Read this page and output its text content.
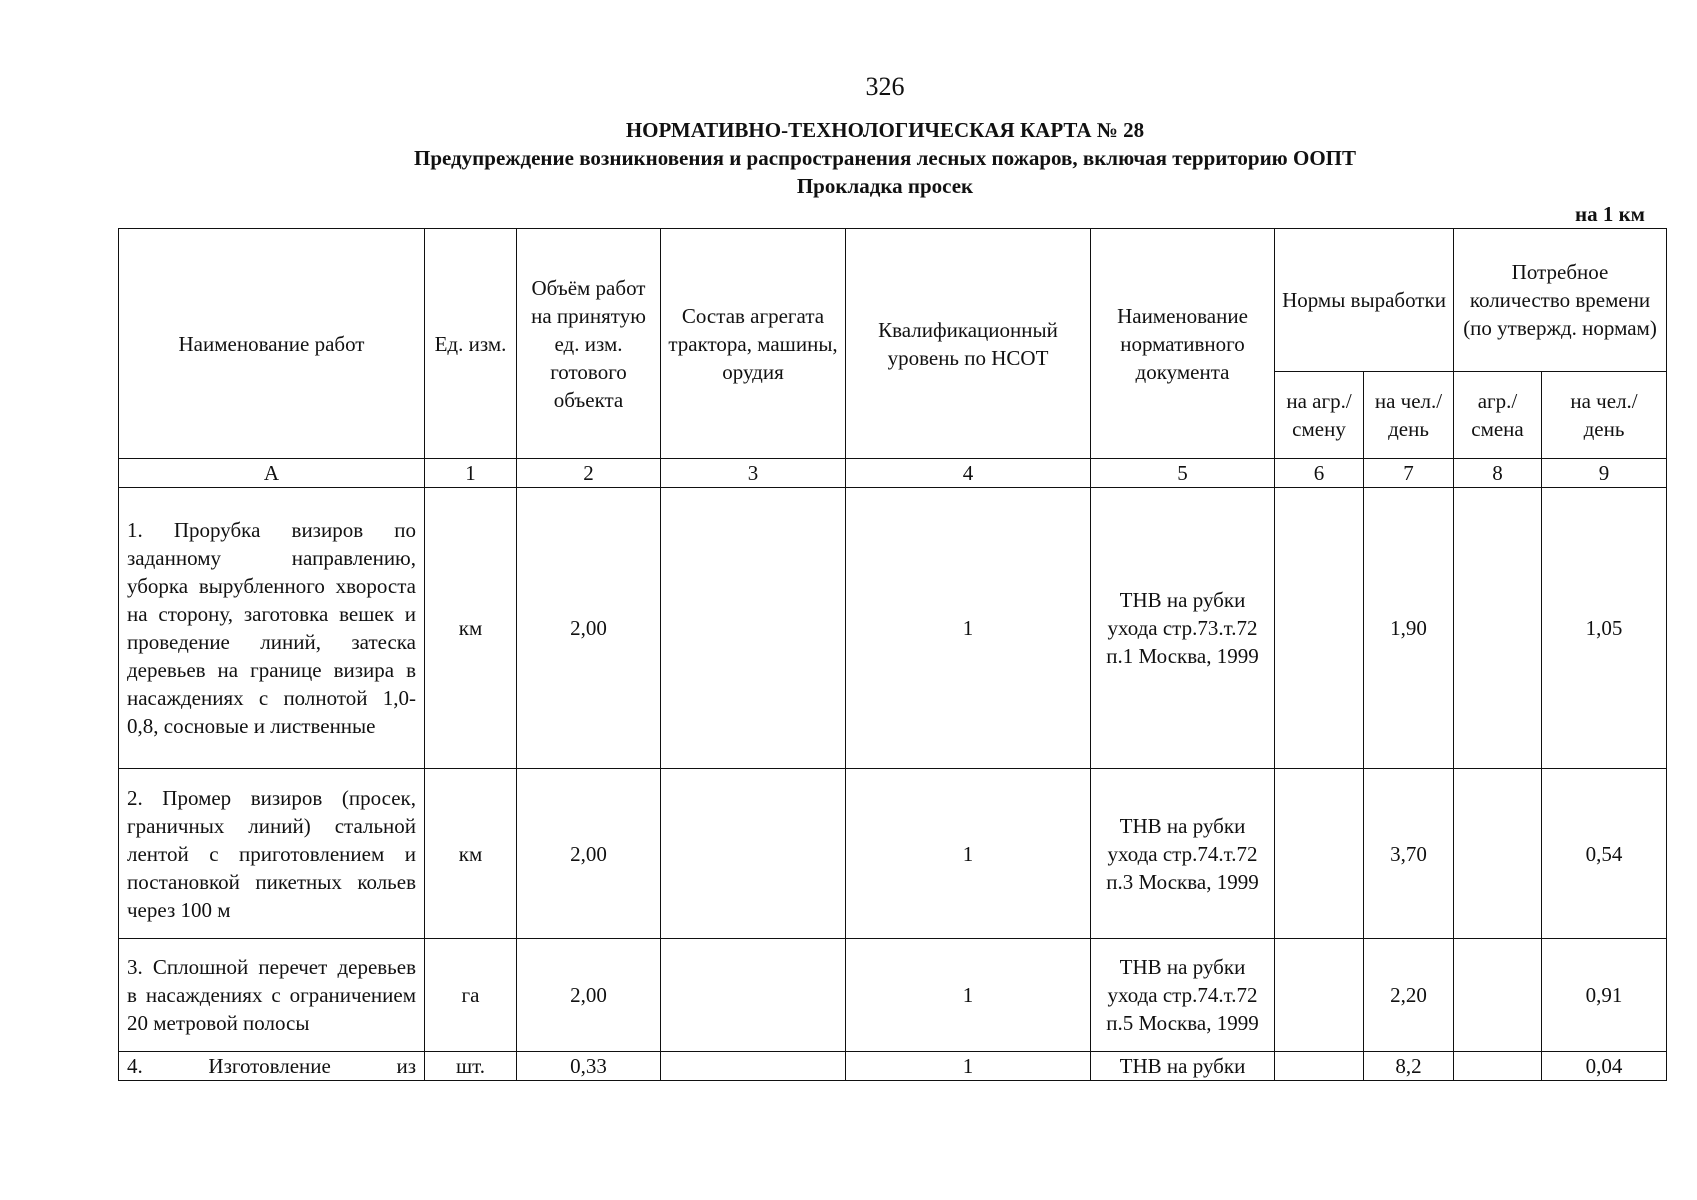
326
НОРМАТИВНО-ТЕХНОЛОГИЧЕСКАЯ КАРТА № 28
Предупреждение возникновения и распространения лесных пожаров, включая территорию ООПТ
Прокладка просек
на 1 км
Наименование работ	Ед. изм.	Объём работ на принятую ед. изм. готового объекта	Состав агрегата трактора, машины, орудия	Квалификационный уровень по НСОТ	Наименование нормативного документа	Нормы выработки		Потребное количество времени (по утвержд. нормам)	
						на агр./ смену	на чел./ день	агр./ смена	на чел./ день
А	1	2	3	4	5	6	7	8	9
1. Прорубка визиров по заданному направлению, уборка вырубленного хвороста на сторону, заготовка вешек и проведение линий, затеска деревьев на границе визира в насаждениях с полнотой 1,0-0,8, сосновые и лиственные	км	2,00		1	ТНВ на рубки ухода стр.73.т.72 п.1 Москва, 1999		1,90		1,05
2. Промер визиров (просек, граничных линий) стальной лентой с приготовлением и постановкой пикетных кольев через 100 м	км	2,00		1	ТНВ на рубки ухода стр.74.т.72 п.3 Москва, 1999		3,70		0,54
3. Сплошной перечет деревьев в насаждениях с ограничением 20 метровой полосы	га	2,00		1	ТНВ на рубки ухода стр.74.т.72 п.5 Москва, 1999		2,20		0,91
4. Изготовление из	шт.	0,33		1	ТНВ на рубки		8,2		0,04
